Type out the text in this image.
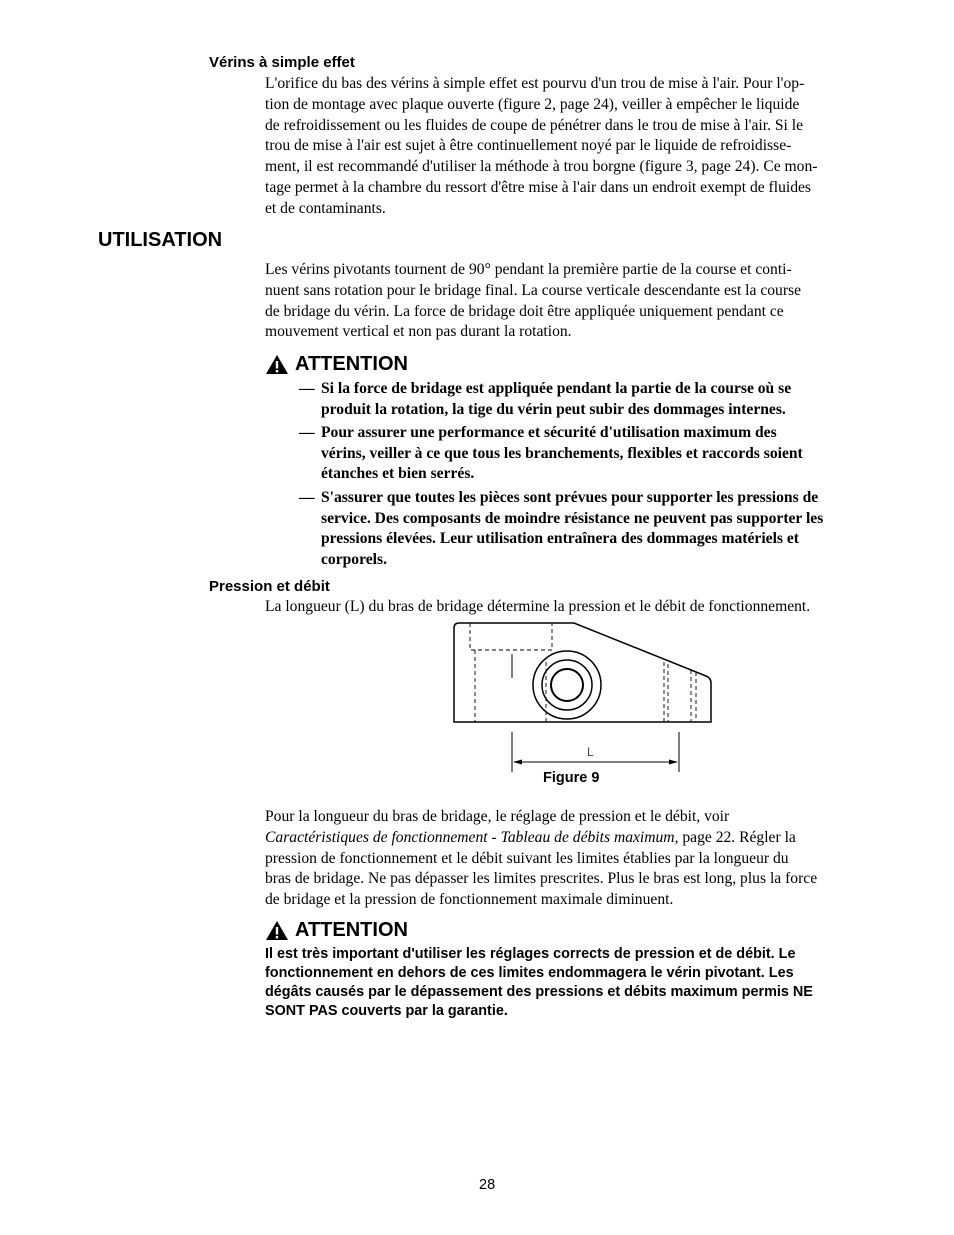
Vérins à simple effet
L'orifice du bas des vérins à simple effet est pourvu d'un trou de mise à l'air. Pour l'op-
tion de montage avec plaque ouverte (figure 2, page 24), veiller à empêcher le liquide
de refroidissement ou les fluides de coupe de pénétrer dans le trou de mise à l'air. Si le
trou de mise à l'air est sujet à être continuellement noyé par le liquide de refroidisse-
ment, il est recommandé d'utiliser la méthode à trou borgne (figure 3, page 24). Ce mon-
tage permet à la chambre du ressort d'être mise à l'air dans un endroit exempt de fluides
et de contaminants.
UTILISATION
Les vérins pivotants tournent de 90° pendant la première partie de la course et conti-
nuent sans rotation pour le bridage final. La course verticale descendante est la course
de bridage du vérin. La force de bridage doit être appliquée uniquement pendant ce
mouvement vertical et non pas durant la rotation.
ATTENTION
— Si la force de bridage est appliquée pendant la partie de la course où se
produit la rotation, la tige du vérin peut subir des dommages internes.
— Pour assurer une performance et sécurité d'utilisation maximum des
vérins, veiller à ce que tous les branchements, flexibles et raccords soient
étanches et bien serrés.
— S'assurer que toutes les pièces sont prévues pour supporter les pressions de
service. Des composants de moindre résistance ne peuvent pas supporter les
pressions élevées. Leur utilisation entraînera des dommages matériels et
corporels.
Pression et débit
La longueur (L) du bras de bridage détermine la pression et le débit de fonctionnement.
L
Figure 9
Pour la longueur du bras de bridage, le réglage de pression et le débit, voir
Caractéristiques de fonctionnement - Tableau de débits maximum, page 22. Régler la
pression de fonctionnement et le débit suivant les limites établies par la longueur du
bras de bridage. Ne pas dépasser les limites prescrites. Plus le bras est long, plus la force
de bridage et la pression de fonctionnement maximale diminuent.
ATTENTION
Il est très important d'utiliser les réglages corrects de pression et de débit. Le
fonctionnement en dehors de ces limites endommagera le vérin pivotant. Les
dégâts causés par le dépassement des pressions et débits maximum permis NE
SONT PAS couverts par la garantie.
28
